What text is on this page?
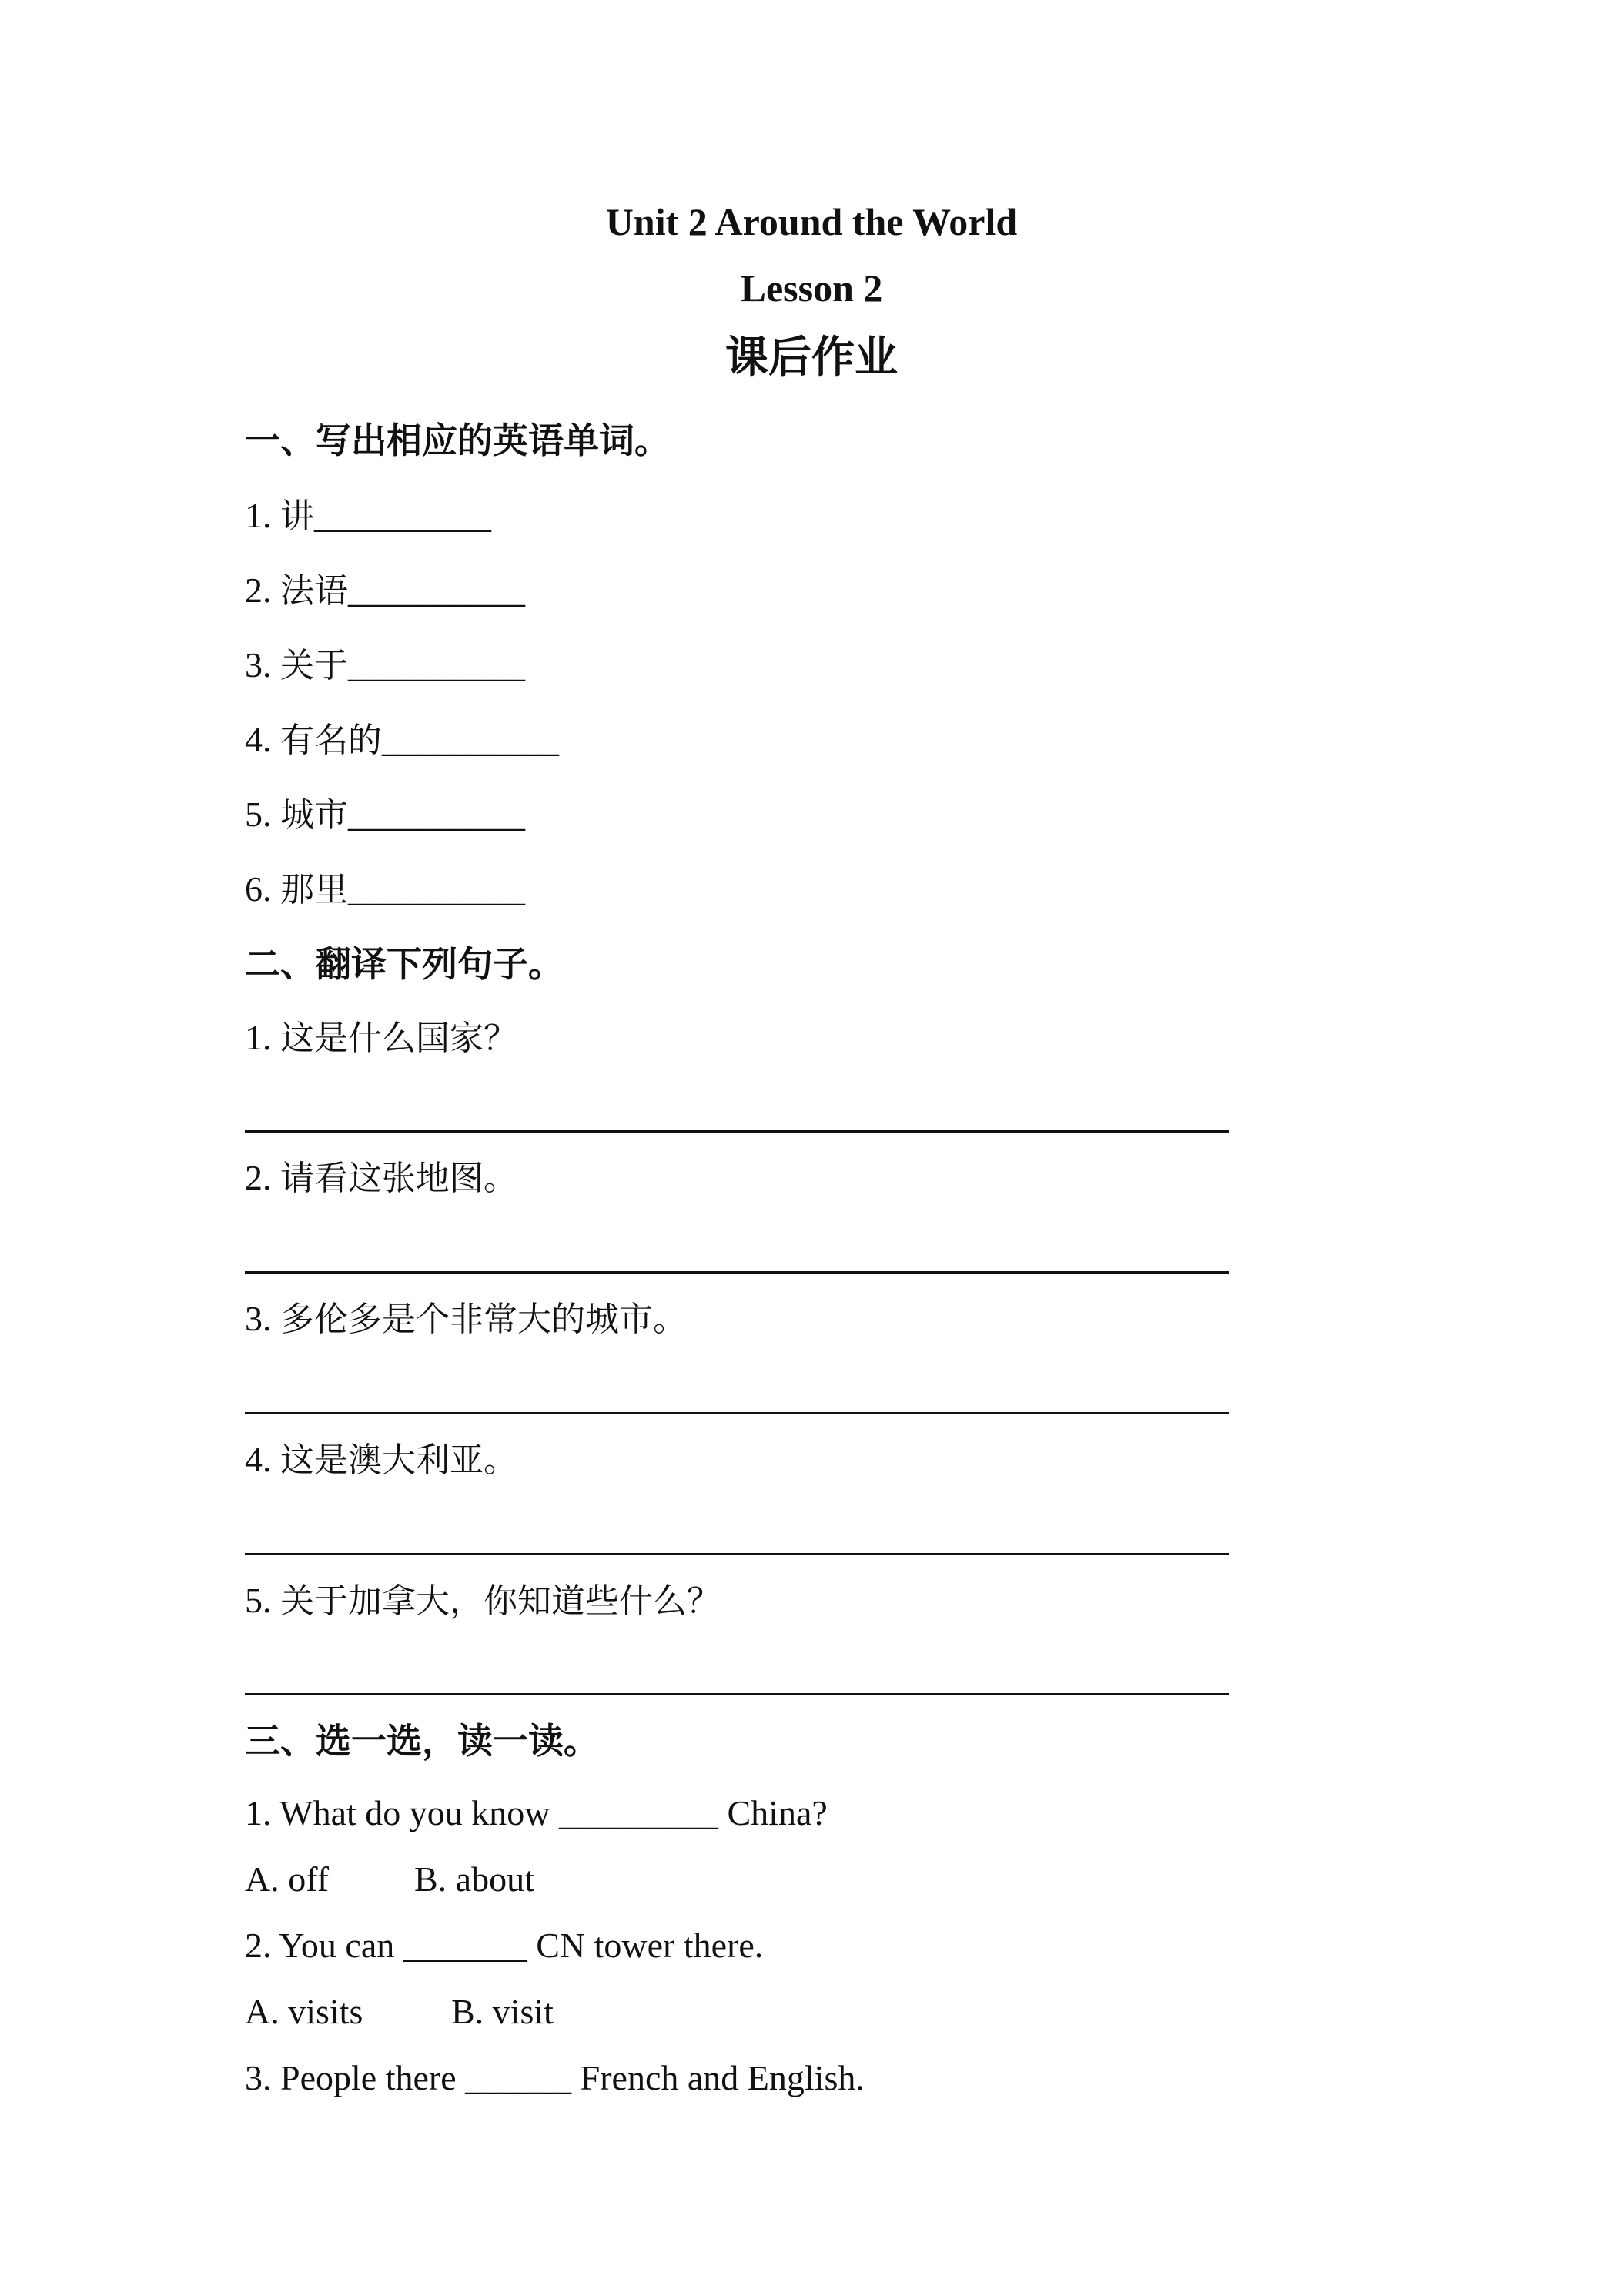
Unit 2 Around the World
Lesson 2
课后作业
一、写出相应的英语单词。
1. 讲__________
2. 法语__________
3. 关于__________
4. 有名的__________
5. 城市__________
6. 那里__________
二、翻译下列句子。
1. 这是什么国家？
2. 请看这张地图。
3. 多伦多是个非常大的城市。
4. 这是澳大利亚。
5. 关于加拿大，你知道些什么？
三、选一选，读一读。
1. What do you know _________ China?
A. off B. about
2. You can _______ CN tower there.
A. visits B. visit
3. People there ______ French and English.
